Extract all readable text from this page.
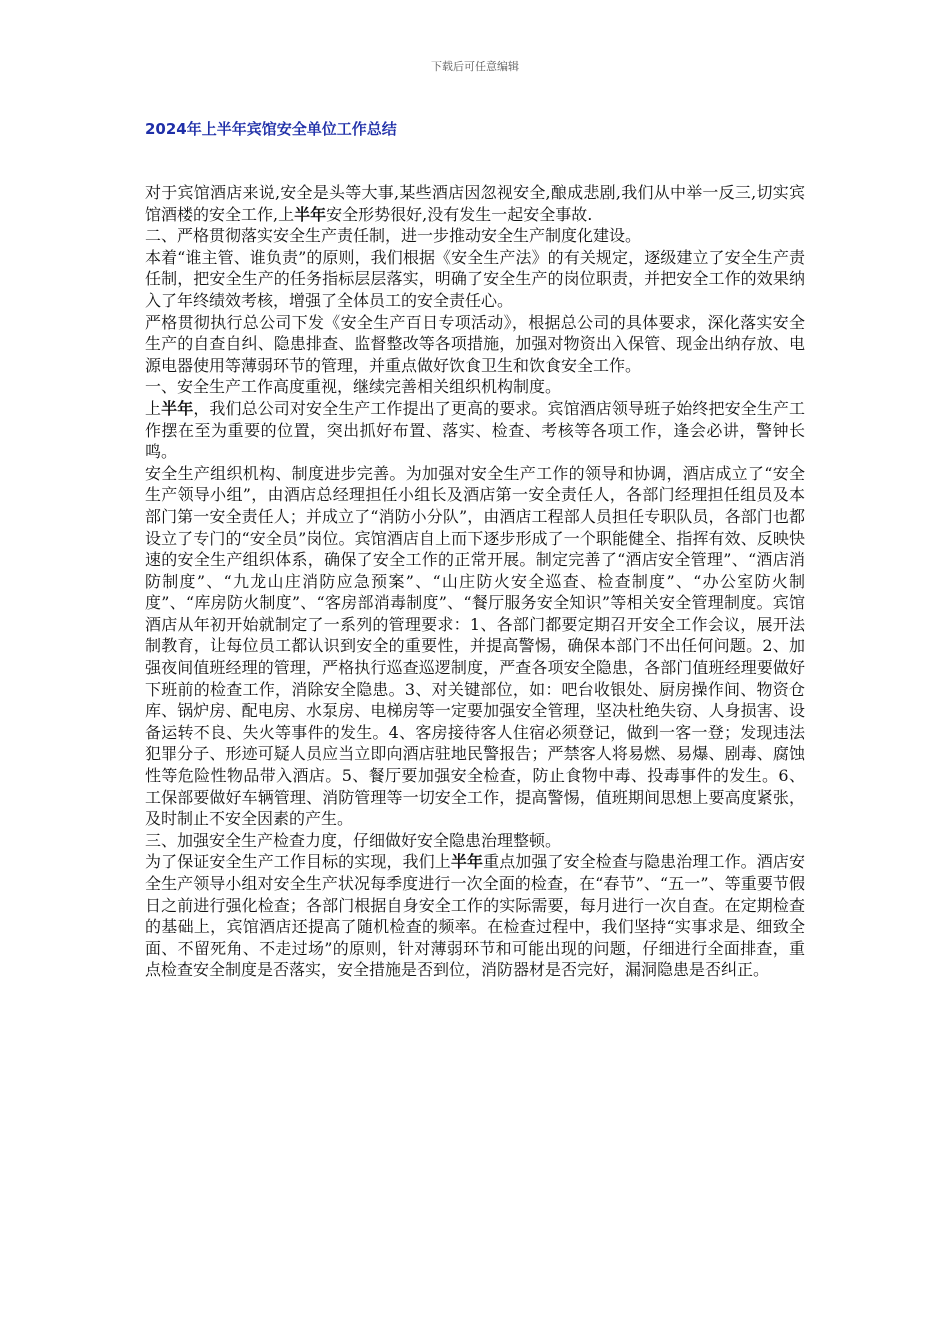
下载后可任意编辑
2024年上半年宾馆安全单位工作总结

对于宾馆酒店来说,安全是头等大事,某些酒店因忽视安全,酿成悲剧,我们从中举一反三,切实宾馆酒楼的安全工作,上半年安全形势很好,没有发生一起安全事故.

二、严格贯彻落实安全生产责任制，进一步推动安全生产制度化建设。

本着“谁主管、谁负责”的原则，我们根据《安全生产法》的有关规定，逐级建立了安全生产责任制，把安全生产的任务指标层层落实，明确了安全生产的岗位职责，并把安全工作的效果纳入了年终绩效考核，增强了全体员工的安全责任心。

严格贯彻执行总公司下发《安全生产百日专项活动》，根据总公司的具体要求，深化落实安全生产的自查自纠、隐患排查、监督整改等各项措施，加强对物资出入保管、现金出纳存放、电源电器使用等薄弱环节的管理，并重点做好饮食卫生和饮食安全工作。

一、安全生产工作高度重视，继续完善相关组织机构制度。

上半年，我们总公司对安全生产工作提出了更高的要求。宾馆酒店领导班子始终把安全生产工作摆在至为重要的位置，突出抓好布置、落实、检查、考核等各项工作，逢会必讲，警钟长鸣。

安全生产组织机构、制度进步完善。为加强对安全生产工作的领导和协调，酒店成立了“安全生产领导小组”，由酒店总经理担任小组长及酒店第一安全责任人，各部门经理担任组员及本部门第一安全责任人；并成立了“消防小分队”，由酒店工程部人员担任专职队员，各部门也都设立了专门的“安全员”岗位。宾馆酒店自上而下逐步形成了一个职能健全、指挥有效、反映快速的安全生产组织体系，确保了安全工作的正常开展。制定完善了“酒店安全管理”、“酒店消防制度”、“九龙山庄消防应急预案”、“山庄防火安全巡查、检查制度”、“办公室防火制度”、“库房防火制度”、“客房部消毒制度”、“餐厅服务安全知识”等相关安全管理制度。宾馆酒店从年初开始就制定了一系列的管理要求：1、各部门都要定期召开安全工作会议，展开法制教育，让每位员工都认识到安全的重要性，并提高警惕，确保本部门不出任何问题。2、加强夜间值班经理的管理，严格执行巡查巡逻制度，严查各项安全隐患，各部门值班经理要做好下班前的检查工作，消除安全隐患。3、对关键部位，如：吧台收银处、厨房操作间、物资仓库、锅炉房、配电房、水泵房、电梯房等一定要加强安全管理，坚决杜绝失窃、人身损害、设备运转不良、失火等事件的发生。4、客房接待客人住宿必须登记，做到一客一登；发现违法犯罪分子、形迹可疑人员应当立即向酒店驻地民警报告；严禁客人将易燃、易爆、剧毒、腐蚀性等危险性物品带入酒店。5、餐厅要加强安全检查，防止食物中毒、投毒事件的发生。6、工保部要做好车辆管理、消防管理等一切安全工作，提高警惕，值班期间思想上要高度紧张，及时制止不安全因素的产生。

三、加强安全生产检查力度，仔细做好安全隐患治理整顿。

为了保证安全生产工作目标的实现，我们上半年重点加强了安全检查与隐患治理工作。酒店安全生产领导小组对安全生产状况每季度进行一次全面的检查，在“春节”、“五一”、等重要节假日之前进行强化检查；各部门根据自身安全工作的实际需要，每月进行一次自查。在定期检查的基础上，宾馆酒店还提高了随机检查的频率。在检查过程中，我们坚持“实事求是、细致全面、不留死角、不走过场”的原则，针对薄弱环节和可能出现的问题，仔细进行全面排查，重点检查安全制度是否落实，安全措施是否到位，消防器材是否完好，漏洞隐患是否纠正。
